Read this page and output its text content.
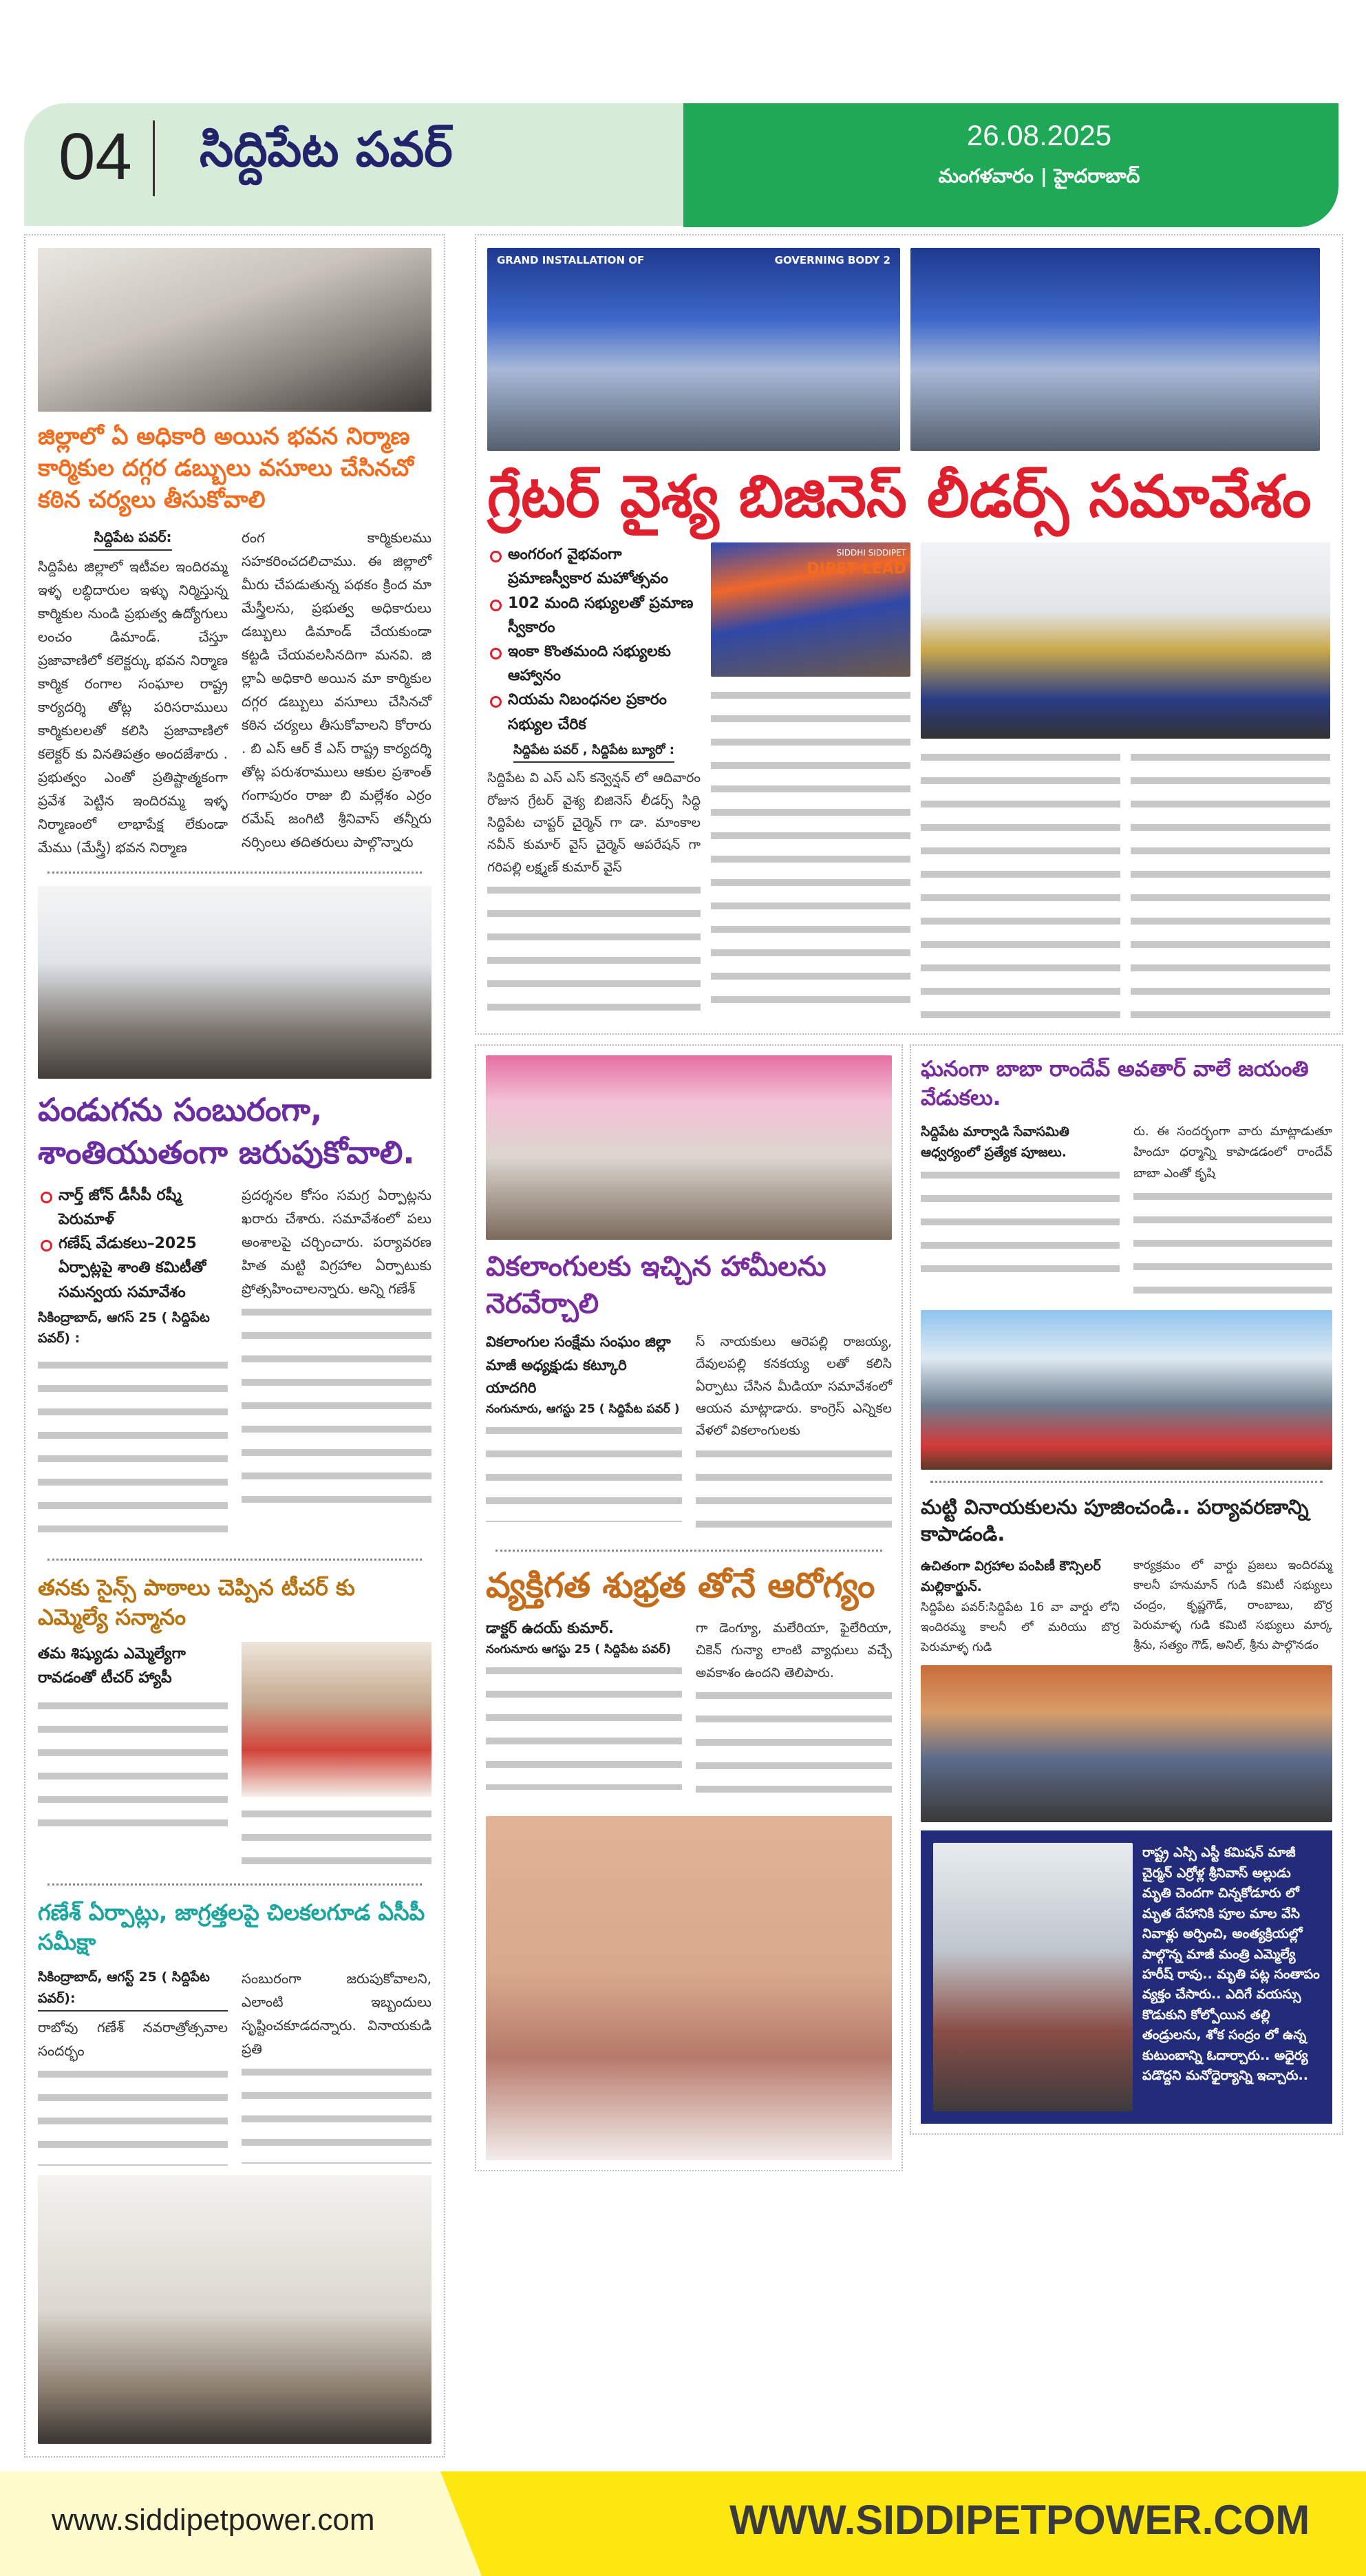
04 సిద్దిపేట పవర్	26.08.2025
మంగళవారం | హైదరాబాద్
జిల్లాలో ఏ అధికారి అయిన భవన నిర్మాణ కార్మికుల దగ్గర డబ్బులు వసూలు చేసినచో కఠిన చర్యలు తీసుకోవాలి
సిద్దిపేట పవర్:

సిద్దిపేట జిల్లాలో ఇటీవల ఇందిరమ్మ ఇళ్ళ లబ్ధిదారుల ఇళ్ళు నిర్మిస్తున్న కార్మికుల నుండి ప్రభుత్వ ఉద్యోగులు లంచం డిమాండ్. చేస్తూ ప్రజావాణిలో కలెక్టర్కు భవన నిర్మాణ కార్మిక రంగాల సంఘాల రాష్ట్ర కార్యదర్శి తోట్ల పరిసరాములు కార్మికులలతో కలిసి ప్రజావాణిలో కలెక్టర్ కు వినతిపత్రం అందజేశారు . ప్రభుత్వం ఎంతో ప్రతిష్టాత్మకంగా ప్రవేశ పెట్టిన ఇందిరమ్మ ఇళ్ళ నిర్మాణంలో లాభాపేక్ష లేకుండా మేము (మేస్త్రీ) భవన నిర్మాణ

రంగ కార్మికులము సహకరించదలిచాము. ఈ జిల్లాలో మీరు చేపడుతున్న పథకం క్రింద మా మేస్త్రీలను, ప్రభుత్వ అధికారులు డబ్బులు డిమాండ్ చేయకుండా కట్టడి చేయవలసినదిగా మనవి. జి ల్లాఏ అధికారి అయిన మా కార్మికుల దగ్గర డబ్బులు వసూలు చేసినచో కఠిన చర్యలు తీసుకోవాలని కోరారు . బి ఎస్ ఆర్ కే ఎస్ రాష్ట్ర కార్యదర్శి తోట్ల పరుశరాములు ఆకుల ప్రశాంత్ గంగాపురం రాజు బి మల్లేశం ఎర్రం రమేష్ జంగిటి శ్రీనివాస్ తన్నీరు నర్సింలు తదితరులు పాల్గొన్నారు

పండుగను సంబురంగా, శాంతియుతంగా జరుపుకోవాలి.
నార్త్ జోన్ డీసీపీ రష్మీ పెరుమాళ్
గణేష్ వేడుకలు–2025 ఏర్పాట్లపై శాంతి కమిటీతో సమన్వయ సమావేశం
సికింద్రాబాద్, ఆగస్ 25 ( సిద్దిపేట పవర్) :

ప్రదర్శనల కోసం సమగ్ర ఏర్పాట్లను ఖరారు చేశారు. సమావేశంలో పలు అంశాలపై చర్చించారు. పర్యావరణ హిత మట్టి విగ్రహాల ఏర్పాటుకు ప్రోత్సహించాలన్నారు. అన్ని గణేశ్

తనకు సైన్స్ పాఠాలు చెప్పిన టీచర్ కు ఎమ్మెల్యే సన్మానం
తమ శిష్యుడు ఎమ్మెల్యేగా రావడంతో టీచర్ హ్యాపీ
గణేశ్ ఏర్పాట్లు, జాగ్రత్తలపై చిలకలగూడ ఏసీపీ సమీక్షా
సికింద్రాబాద్, ఆగస్ట్ 25 ( సిద్దిపేట పవర్):

రాబోవు గణేశ్ నవరాత్రోత్సవాల సందర్భం

సంబురంగా జరుపుకోవాలని, ఎలాంటి ఇబ్బందులు సృష్టించకూడదన్నారు. వినాయకుడి ప్రతి

GRAND INSTALLATION OF	GOVERNING BODY 2
గ్రేటర్ వైశ్య బిజినెస్ లీడర్స్ సమావేశం
అంగరంగ వైభవంగా ప్రమాణస్వీకార మహోత్సవం
102 మంది సభ్యులతో ప్రమాణ స్వీకారం
ఇంకా కొంతమంది సభ్యులకు ఆహ్వానం
నియమ నిబంధనల ప్రకారం సభ్యుల చేరిక
సిద్దిపేట పవర్ , సిద్దిపేట బ్యూరో :

సిద్దిపేట వి ఎస్ ఎస్ కన్వెన్షన్ లో ఆదివారం రోజున గ్రేటర్ వైశ్య బిజినెస్ లీడర్స్ సిద్ధి సిద్దిపేట చాప్టర్ చైర్మెన్ గా డా. మాంకాల నవీన్ కుమార్ వైస్ చైర్మెన్ ఆపరేషన్ గా గరిపల్లి లక్ష్మణ్ కుమార్ వైస్

SIDDHI SIDDIPET
DIPET LEAD
వికలాంగులకు ఇచ్చిన హామీలను నెరవేర్చాలి
వికలాంగుల సంక్షేమ సంఘం జిల్లా మాజీ అధ్యక్షుడు కట్కూరి యాదగిరి
నంగునూరు, ఆగస్టు 25 ( సిద్దిపేట పవర్ )

స్ నాయకులు ఆరెపల్లి రాజయ్య, దేవులపల్లి కనకయ్య లతో కలిసి ఏర్పాటు చేసిన మీడియా సమావేశంలో ఆయన మాట్లాడారు. కాంగ్రెస్ ఎన్నికల వేళలో వికలాంగులకు

వ్యక్తిగత శుభ్రత తోనే ఆరోగ్యం
డాక్టర్ ఉదయ్ కుమార్.
నంగునూరు ఆగస్టు 25 ( సిద్దిపేట పవర్)

గా డెంగ్యూ, మలేరియా, ఫైలేరియా, చికెన్ గున్యా లాంటి వ్యాధులు వచ్చే అవకాశం ఉందని తెలిపారు.

ఘనంగా బాబా రాందేవ్ అవతార్ వాలే జయంతి వేడుకలు.
సిద్దిపేట మార్వాడి సేవాసమితి ఆధ్వర్యంలో ప్రత్యేక పూజలు.

రు. ఈ సందర్భంగా వారు మాట్లాడుతూ హిందూ ధర్మాన్ని కాపాడడంలో రాందేవ్ బాబా ఎంతో కృషి

మట్టి వినాయకులను పూజించండి.. పర్యావరణాన్ని కాపాడండి.
ఉచితంగా విగ్రహాల పంపిణీ కౌన్సిలర్ మల్లికార్జున్.

సిద్దిపేట పవర్:సిద్దిపేట 16 వా వార్డు లోని ఇందిరమ్మ కాలనీ లో మరియు బొర్ర పెరుమాళ్ళ గుడి

కార్యక్రమం లో వార్డు ప్రజలు ఇందిరమ్మ కాలనీ హనుమాన్ గుడి కమిటీ సభ్యులు చంద్రం, కృష్ణగౌడ్, రాంబాబు, బొర్ర పెరుమాళ్ళ గుడి కమిటి సభ్యులు మార్క శ్రీను, సత్యం గౌడ్, అనిల్, శ్రీను పాల్గొనడం

రాష్ట్ర ఎస్సి ఎస్టీ కమిషన్ మాజీ చైర్మన్ ఎర్రోళ్ల శ్రీనివాస్ అల్లుడు మృతి చెందగా చిన్నకోడూరు లో మృత దేహానికి పూల మాల వేసి నివాళ్లు అర్పించి, అంత్యక్రియల్లో పాల్గొన్న మాజీ మంత్రి ఎమ్మెల్యే హరీష్ రావు.. మృతి పట్ల సంతాపం వ్యక్తం చేసారు.. ఎదిగే వయస్సు కొడుకుని కోల్పోయిన తల్లి తండ్రులను, శోక సంద్రం లో ఉన్న కుటుంబాన్ని ఓదార్చారు.. అధైర్య పడొద్దని మనోధైర్యాన్ని ఇచ్చారు..
www.siddipetpower.com	WWW.SIDDIPETPOWER.COM
